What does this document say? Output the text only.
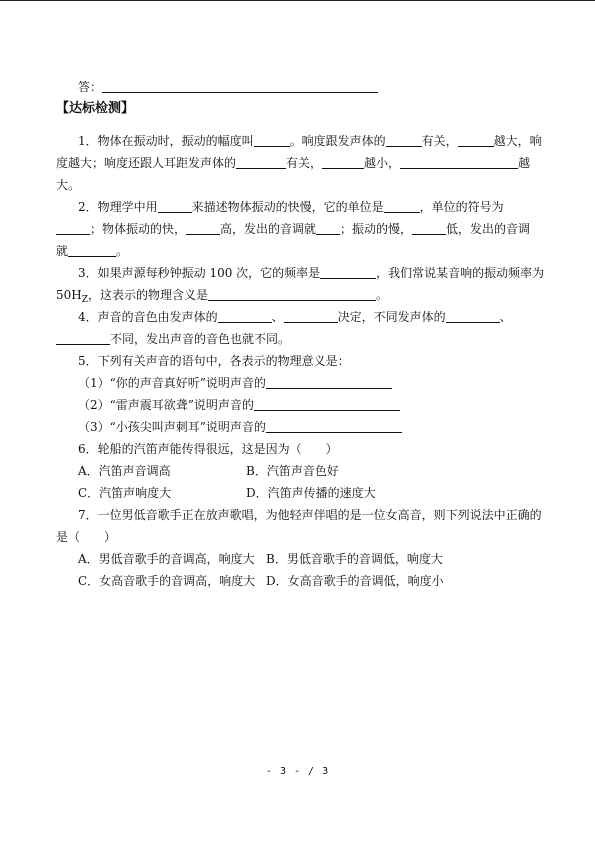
答：
【达标检测】
1．物体在振动时，振动的幅度叫	。响度跟发声体的	有关，	越大，响
度越大；响度还跟人耳距发声体的	有关，	越小，	越
大。
2．物理学中用	来描述物体振动的快慢，它的单位是	，单位的符号为
；物体振动的快，	高，发出的音调就 ；振动的慢，	低，发出的音调
就	。
3．如果声源每秒钟振动 100 次，它的频率是	，我们常说某音响的振动频率为
$50H_Z$，这表示的物理含义是	。
4．声音的音色由发声体的	、	决定，不同发声体的	、
不同，发出声音的音色也就不同。
5．下列有关声音的语句中，各表示的物理意义是：
（1）“你的声音真好听”说明声音的
（2）“雷声震耳欲聋”说明声音的
（3）“小孩尖叫声刺耳”说明声音的
6．轮船的汽笛声能传得很远，这是因为（　　）
A．汽笛声音调高	B．汽笛声音色好
C．汽笛声响度大	D．汽笛声传播的速度大
7．一位男低音歌手正在放声歌唱，为他轻声伴唱的是一位女高音，则下列说法中正确的
是（　　）
A．男低音歌手的音调高，响度大 B．男低音歌手的音调低，响度大
C．女高音歌手的音调高，响度大 D．女高音歌手的音调低，响度小
- 3 - / 3
